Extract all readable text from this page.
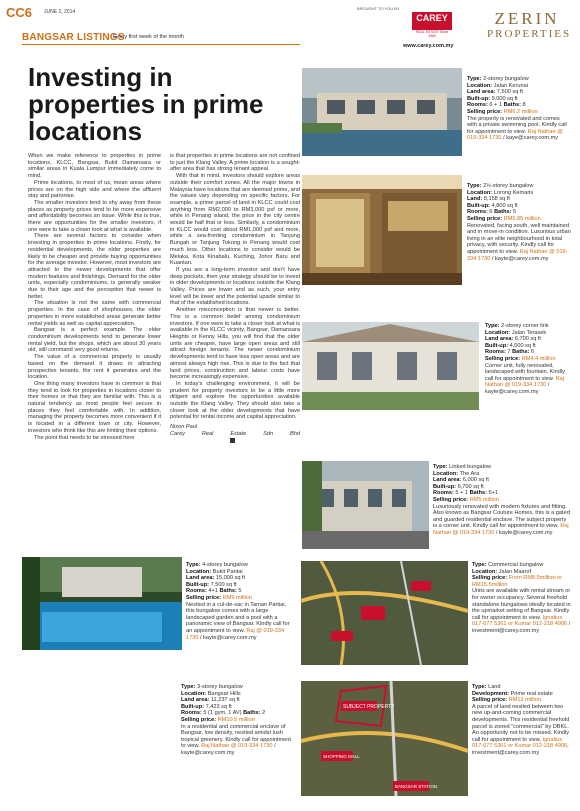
CC6 JUNE 2, 2014
BANGSAR LISTINGS
Every first week of the month
BROUGHT TO YOU BY
CAREY
REAL ESTATE Since 1960
www.carey.com.my
ZERIN
PROPERTIES
Investing in properties in prime locations

When we make reference to properties in prime locations, KLCC, Bangsar, Bukit Damansara or similar areas in Kuala Lumpur immediately come to mind.

Prime locations, to most of us, mean areas where prices are on the high side and where the affluent stay and patronise.

The smaller investors tend to shy away from these places as property prices tend to be more expensive and affordability becomes an issue. While this is true, there are opportunities for the smaller investors, if one were to take a closer look at what is available.

There are several factors to consider when investing in properties in prime locations. Firstly, for residential developments, the older properties are likely to be cheaper and provide buying opportunities for the average investor. However, most investors are attracted to the newer developments that offer modern features and finishings. Demand for the older units, especially condominiums, is generally weaker due to their age and the perception that newer is better.

The situation is not the same with commercial properties. In the case of shophouses, the older properties in more established areas generate better rental yields as well as capital appreciation.

Bangsar is a perfect example. The older condominium developments tend to generate lower rental yield, but the shops, which are about 30 years old, still command very good returns.

The value of a commercial property is usually based on the demand it draws in attracting prospective tenants, the rent it generates and the location.

One thing many investors have in common is that they tend to look for properties in locations closer to their homes or that they are familiar with. This is a natural tendency as most people feel secure in places they feel comfortable with. In addition, managing the property becomes more convenient if it is located in a different town or city. However, investors who think like this are limiting their options.

The point that needs to be stressed here

is that properties in prime locations are not confined to just the Klang Valley. A prime location is a sought-after area that has strong tenant appeal.

With that in mind, investors should explore areas outside their comfort zones. All the major towns in Malaysia have locations that are deemed prime, and the values vary depending on specific factors. For example, a prime parcel of land in KLCC could cost anything from RM2,000 to RM3,000 psf or more, while in Penang island, the price in the city centre would be half that or less. Similarly, a condominium in KLCC would cost about RM1,000 psf and more, while a sea-fronting condominium in Tanjung Bungah or Tanjung Tokong in Penang would cost much less. Other locations to consider would be Melaka, Kota Kinabalu, Kuching, Johor Baru and Kuantan.

If you are a long-term investor and don't have deep pockets, then your strategy should be to invest in older developments or locations outside the Klang Valley. Prices are lower and as such, your entry level will be lower and the potential upside similar to that of the established locations.

Another misconception is that newer is better. This is a common belief among condominium investors. If one were to take a closer look at what is available in the KLCC vicinity, Bangsar, Damansara Heights or Kenny Hills, you will find that the older units are cheaper, have large open areas and still attract foreign tenants. The newer condominium developments tend to have less open areas and are almost always high rise. This is due to the fact that land prices, construction and labour costs have become increasingly expensive.

In today's challenging environment, it will be prudent for property investors to be a little more diligent and explore the opportunities available outside the Klang Valley. They should also take a closer look at the older developments that have potential for rental income and capital appreciation.

Nixon Paul
Carey Real Estate Sdn Bhd
SUBJECT PROPERTY
SHOPPING MALL
BANGSAR STATION
Type: 2-storey bungalow
Location: Jalan Kerunai
Land area: 7,500 sq ft
Built-up: 9,000 sq ft
Rooms: 6 + 1 Baths: 8
Selling price: RM6.2 million
The property is renovated and comes with a private swimming pool. Kindly call for appointment to view. Raj Nathan @ 019-334 1730 / kaye@carey.com.my
Type: 2½-storey bungalow
Location: Lorong Kemaris
Land: 8,158 sq ft
Built-up: 4,800 sq ft
Rooms: 6 Baths: 5
Selling price: RM5.85 million
Renovated, facing south, well maintained and in move-in condition. Luxurious urban living in an elite neighbourhood in total privacy, with security. Kindly call for appointment to view. Raj Nathan @ 019-334 1730 / kayte@carey.com.my
Type: 2-storey corner link
Location: Jalan Terasek
Land area: 6,700 sq ft
Built-up: 4,000 sq ft
Rooms: 7 Baths: 6
Selling price: RM4.4 million
Corner unit, fully renovated, landscaped with fountain. Kindly call for appointment to view. Raj Nathan @ 019-334 1730 / kayte@carey.com.my
Type: Linked bungalow
Location: The Ara
Land area: 6,000 sq ft
Built-up: 6,700 sq ft
Rooms: 5 + 1 Baths: 5+1
Selling price: RM5 million
Luxuriously renovated with modern fixtures and fitting. Also known as Bangsar Couture Homes, this is a gated and guarded residential enclave. The subject property is a corner unit. Kindly call for appointment to view. Raj Nathan @ 019-334 1730 / kayte@carey.com.my
Type: 4-storey bungalow
Location: Bukit Pantai
Land area: 15,000 sq ft
Built-up: 7,500 sq ft
Rooms: 4+1 Baths: 5
Selling price: RM9 million
Nestled in a cul-de-sac in Taman Pantai, this bungalow comes with a large landscaped garden and a pool with a panoramic view of Bangsar. Kindly call for an appointment to view. Raj @ 019-334 1730 / kayte@carey.com.my
Type: Commercial bungalow
Location: Jalan Maarof
Selling price: From RM8.5million to RM15.5million
Units are available with rental stream or for owner occupancy. Several freehold standalone bungalows ideally located in the upmarket setting of Bangsar. Kindly call for appointment to view. Ignatius 017-677 5361 or Kumar 012-218 4906 / investment@carey.com.my
Type: 3-storey bungalow
Location: Bangsar Hills
Land area: 11,237 sq ft
Built-up: 7,423 sq ft
Rooms: 5 (1 gym, 1 AV) Baths: 2
Selling price: RM10.5 million
In a residential and commercial enclave of Bangsar, low density, nestled amidst lush tropical greenery. Kindly call for appointment to view. Raj Nathan @ 019-334 1730 / kayte@carey.com.my
Type: Land
Development: Prime real estate
Selling price: RM12 million
A parcel of land nestled between two new up-and-coming commercial developments. This residential freehold parcel is zoned "commercial" by DBKL. An opportunity not to be missed. Kindly call for appointment to view. Ignatius 017-677 5361 or Kumar 012-218 4906, investment@carey.com.my
